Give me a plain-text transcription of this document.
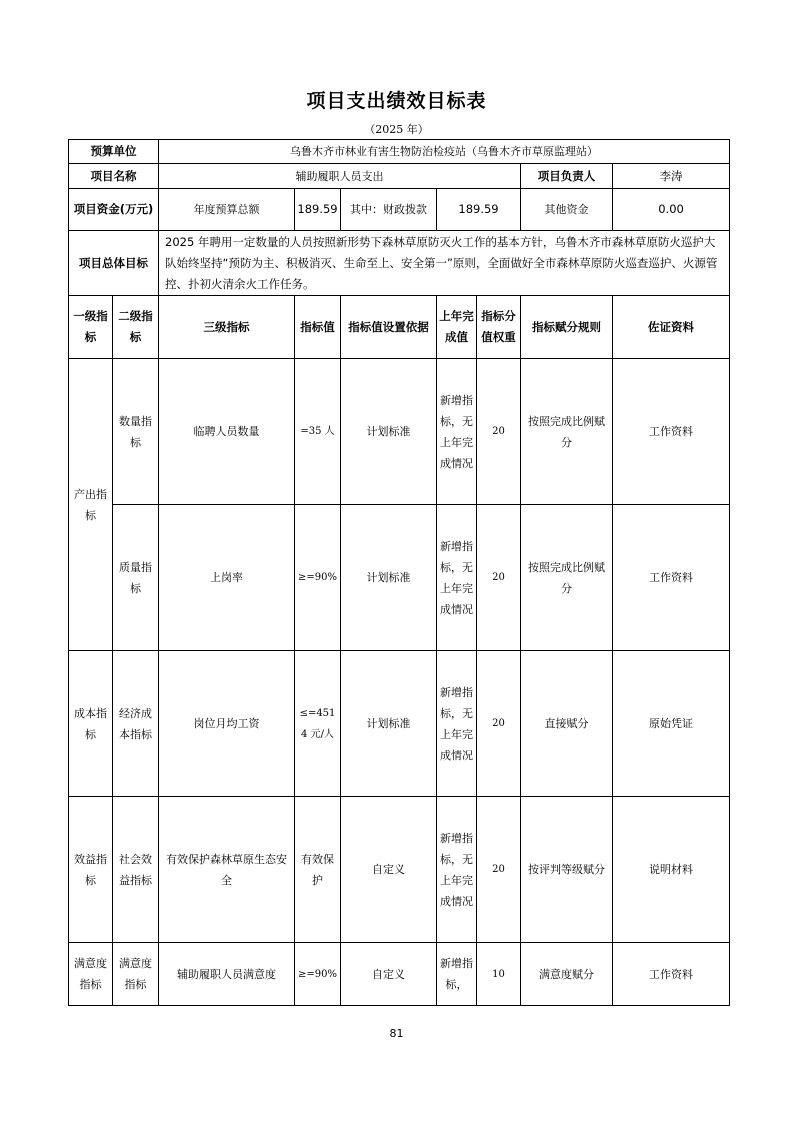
项目支出绩效目标表
（2025 年）
预算单位		乌鲁木齐市林业有害生物防治检疫站（乌鲁木齐市草原监理站）						
项目名称		辅助履职人员支出					项目负责人	李涛
项目资金(万元)		年度预算总额	189.59	其中：财政拨款	189.59		其他资金	0.00
项目总体目标		2025 年聘用一定数量的人员按照新形势下森林草原防灭火工作的基本方针，乌鲁木齐市森林草原防火巡护大队始终坚持“预防为主、积极消灭、生命至上、安全第一”原则，全面做好全市森林草原防火巡查巡护、火源管控、扑初火清余火工作任务。						
一级指标	二级指标	三级指标	指标值	指标值设置依据	上年完成值	指标分值权重	指标赋分规则	佐证资料
产出指标	数量指标	临聘人员数量	=35 人	计划标准	新增指标，无上年完成情况	20	按照完成比例赋分	工作资料
	质量指标	上岗率	≥=90%	计划标准	新增指标，无上年完成情况	20	按照完成比例赋分	工作资料
成本指标	经济成本指标	岗位月均工资	≤=4514 元/人	计划标准	新增指标，无上年完成情况	20	直接赋分	原始凭证
效益指标	社会效益指标	有效保护森林草原生态安全	有效保护	自定义	新增指标，无上年完成情况	20	按评判等级赋分	说明材料
满意度指标	满意度指标	辅助履职人员满意度	≥=90%	自定义	新增指标，	10	满意度赋分	工作资料
81
